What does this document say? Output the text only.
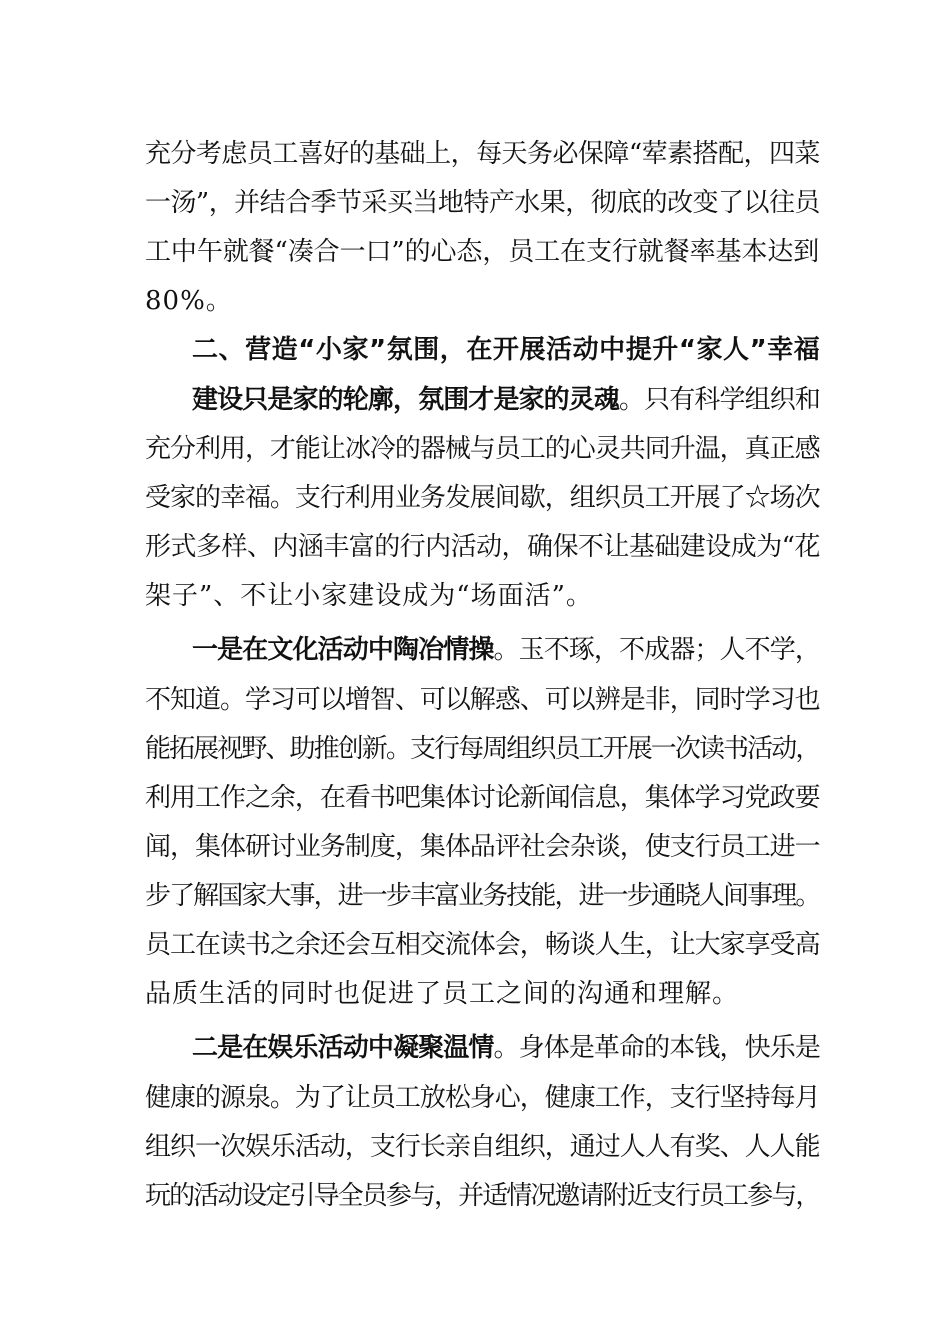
充分考虑员工喜好的基础上，每天务必保障“荤素搭配，四菜
一汤”，并结合季节采买当地特产水果，彻底的改变了以往员
工中午就餐“凑合一口”的心态，员工在支行就餐率基本达到
80%。
二、营造“小家”氛围，在开展活动中提升“家人”幸福
建设只是家的轮廓，氛围才是家的灵魂。只有科学组织和
充分利用，才能让冰冷的器械与员工的心灵共同升温，真正感
受家的幸福。支行利用业务发展间歇，组织员工开展了☆场次
形式多样、内涵丰富的行内活动，确保不让基础建设成为“花
架子”、不让小家建设成为“场面活”。
一是在文化活动中陶冶情操。玉不琢，不成器；人不学，
不知道。学习可以增智、可以解惑、可以辨是非，同时学习也
能拓展视野、助推创新。支行每周组织员工开展一次读书活动，
利用工作之余，在看书吧集体讨论新闻信息，集体学习党政要
闻，集体研讨业务制度，集体品评社会杂谈，使支行员工进一
步了解国家大事，进一步丰富业务技能，进一步通晓人间事理。
员工在读书之余还会互相交流体会，畅谈人生，让大家享受高
品质生活的同时也促进了员工之间的沟通和理解。
二是在娱乐活动中凝聚温情。身体是革命的本钱，快乐是
健康的源泉。为了让员工放松身心，健康工作，支行坚持每月
组织一次娱乐活动，支行长亲自组织，通过人人有奖、人人能
玩的活动设定引导全员参与，并适情况邀请附近支行员工参与，
